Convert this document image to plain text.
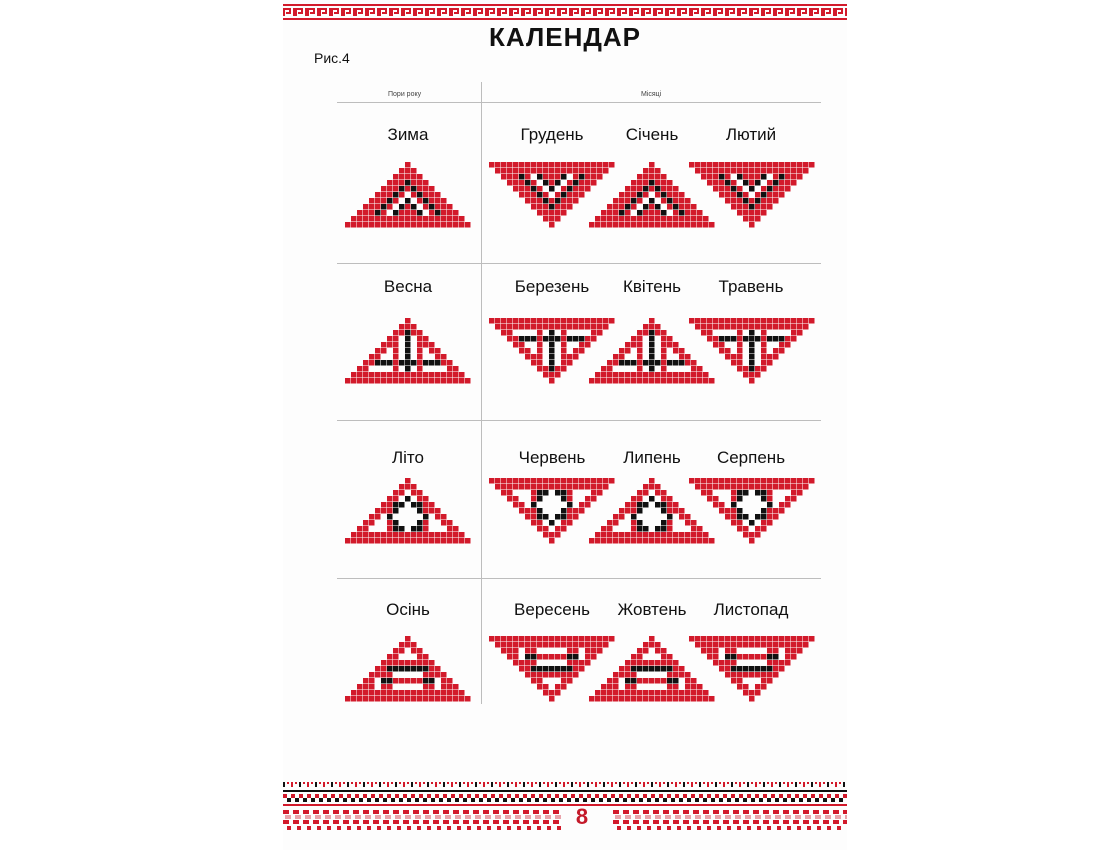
КАЛЕНДАР
Рис.4
Пори року	Місяці
Зима	Грудень	Січень	Лютий
Весна	Березень	Квітень	Травень
Літо	Червень	Липень	Серпень
Осінь	Вересень	Жовтень	Листопад
8
